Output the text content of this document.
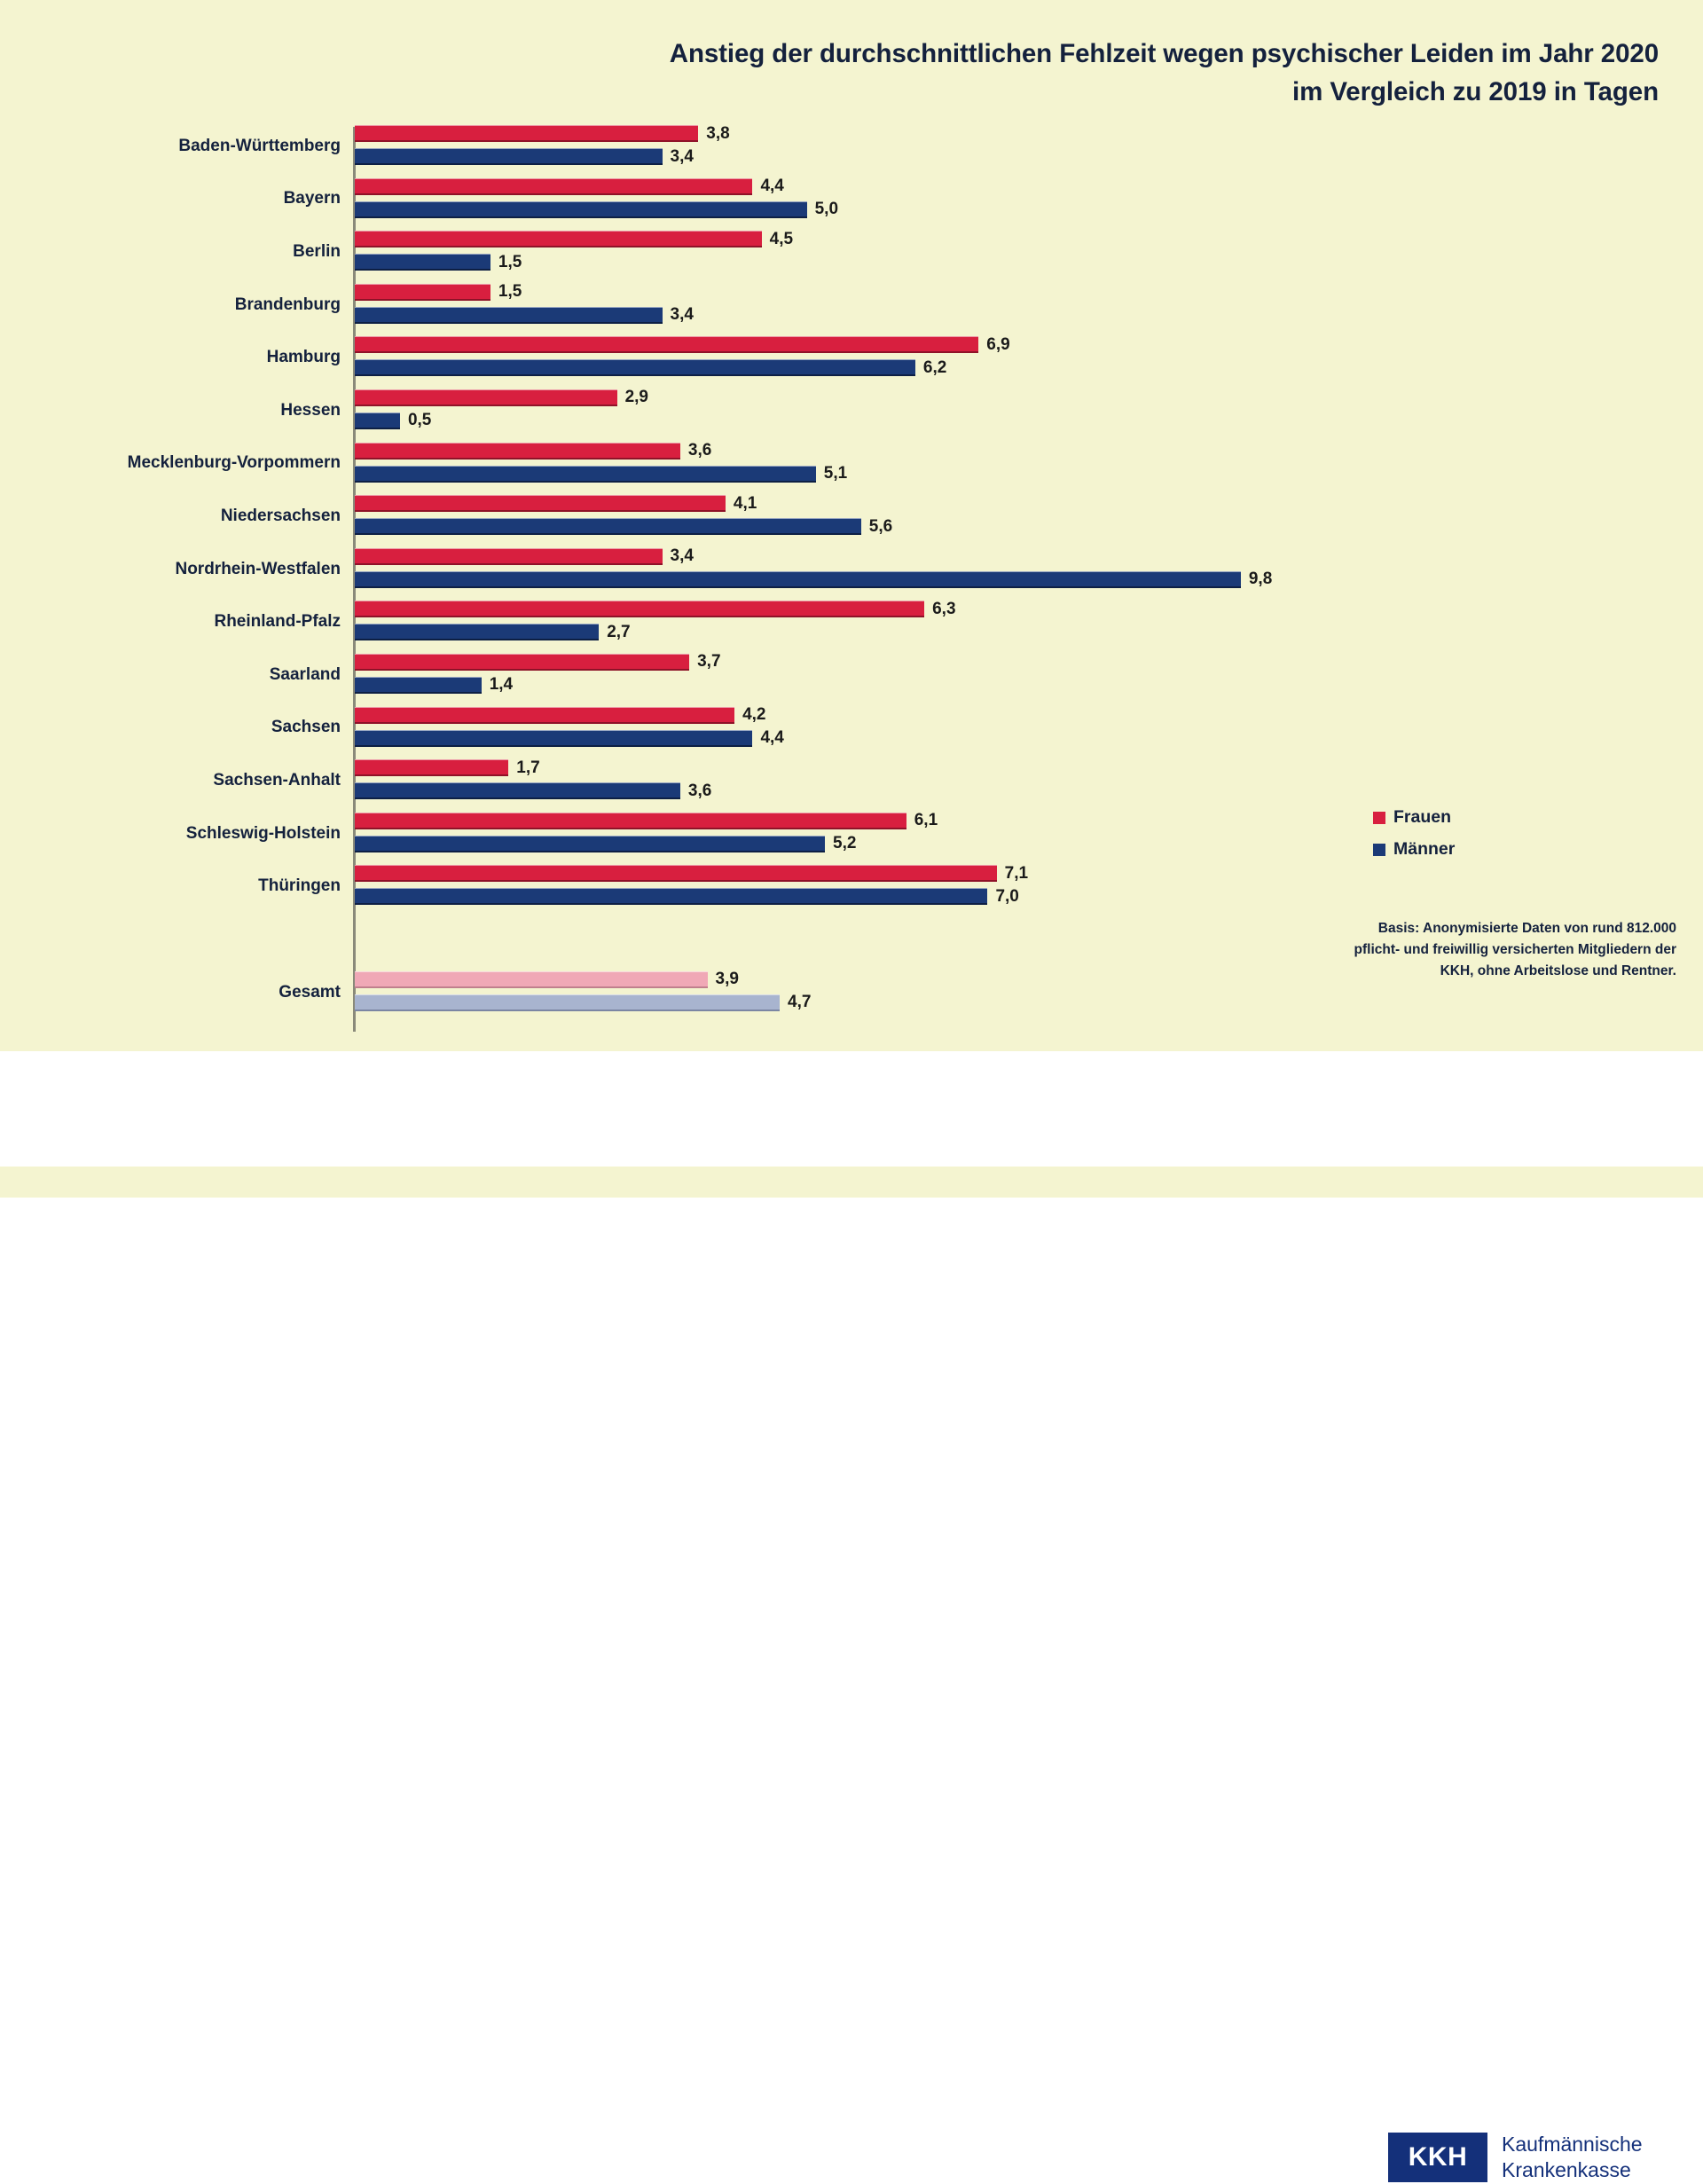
Anstieg der durchschnittlichen Fehlzeit wegen psychischer Leiden im Jahr 2020
im Vergleich zu 2019 in Tagen
Baden-Württemberg
3,8
3,4
Bayern
4,4
5,0
Berlin
4,5
1,5
Brandenburg
1,5
3,4
Hamburg
6,9
6,2
Hessen
2,9
0,5
Mecklenburg-Vorpommern
3,6
5,1
Niedersachsen
4,1
5,6
Nordrhein-Westfalen
3,4
9,8
Rheinland-Pfalz
6,3
2,7
Saarland
3,7
1,4
Sachsen
4,2
4,4
Sachsen-Anhalt
1,7
3,6
Schleswig-Holstein
6,1
5,2
Thüringen
7,1
7,0
Gesamt
3,9
4,7
Frauen
Männer
Basis: Anonymisierte Daten von rund 812.000 pflicht- und freiwillig versicherten Mitgliedern der KKH, ohne Arbeitslose und Rentner.
KKH	Kaufmännische
Krankenkasse
